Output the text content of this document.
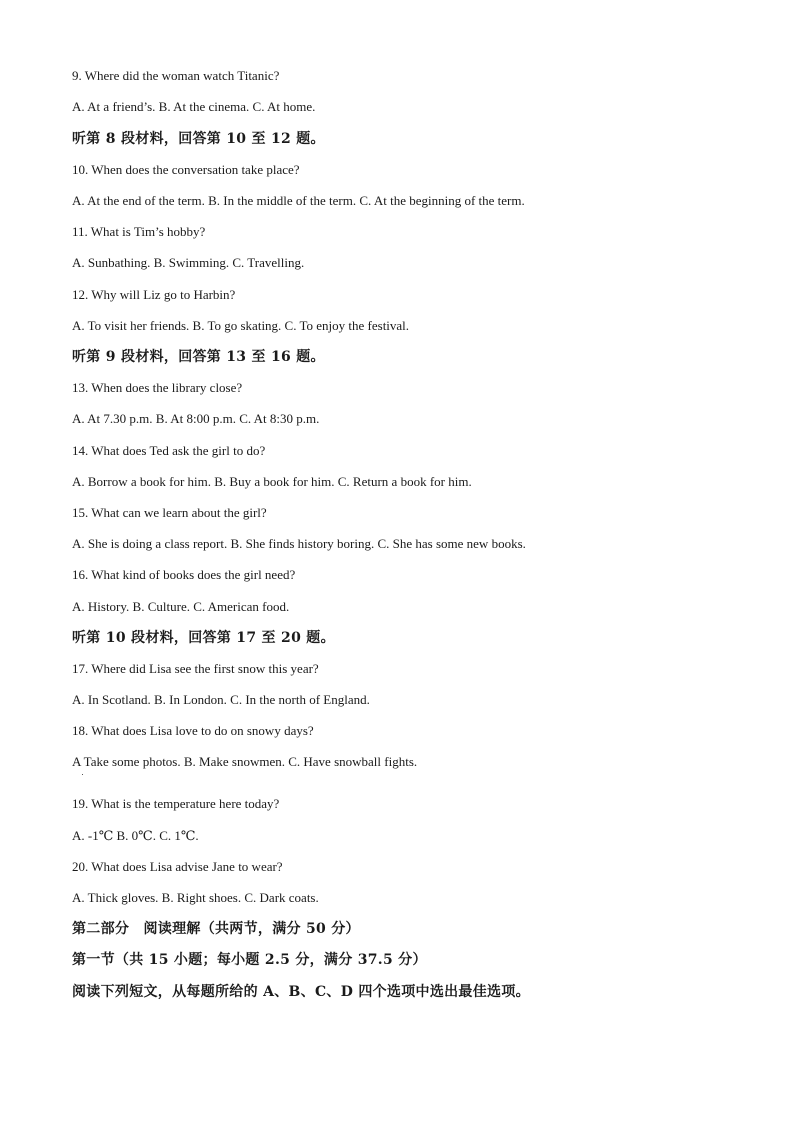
9. Where did the woman watch Titanic?
A. At a friend’s. B. At the cinema. C. At home.
听第 8 段材料，回答第 10 至 12 题。
10. When does the conversation take place?
A. At the end of the term. B. In the middle of the term. C. At the beginning of the term.
11. What is Tim’s hobby?
A. Sunbathing. B. Swimming. C. Travelling.
12. Why will Liz go to Harbin?
A. To visit her friends. B. To go skating. C. To enjoy the festival.
听第 9 段材料，回答第 13 至 16 题。
13. When does the library close?
A. At 7.30 p.m. B. At 8:00 p.m. C. At 8:30 p.m.
14. What does Ted ask the girl to do?
A. Borrow a book for him. B. Buy a book for him. C. Return a book for him.
15. What can we learn about the girl?
A. She is doing a class report. B. She finds history boring. C. She has some new books.
16. What kind of books does the girl need?
A. History. B. Culture. C. American food.
听第 10 段材料，回答第 17 至 20 题。
17. Where did Lisa see the first snow this year?
A. In Scotland. B. In London. C. In the north of England.
18. What does Lisa love to do on snowy days?
A Take some photos. B. Make snowmen. C. Have snowball fights.
19. What is the temperature here today?
A. -1℃ B. 0℃. C. 1℃.
20. What does Lisa advise Jane to wear?
A. Thick gloves. B. Right shoes. C. Dark coats.
第二部分　阅读理解（共两节，满分 50 分）
第一节（共 15 小题；每小题 2.5 分，满分 37.5 分）
阅读下列短文，从每题所给的 A、B、C、D 四个选项中选出最佳选项。
